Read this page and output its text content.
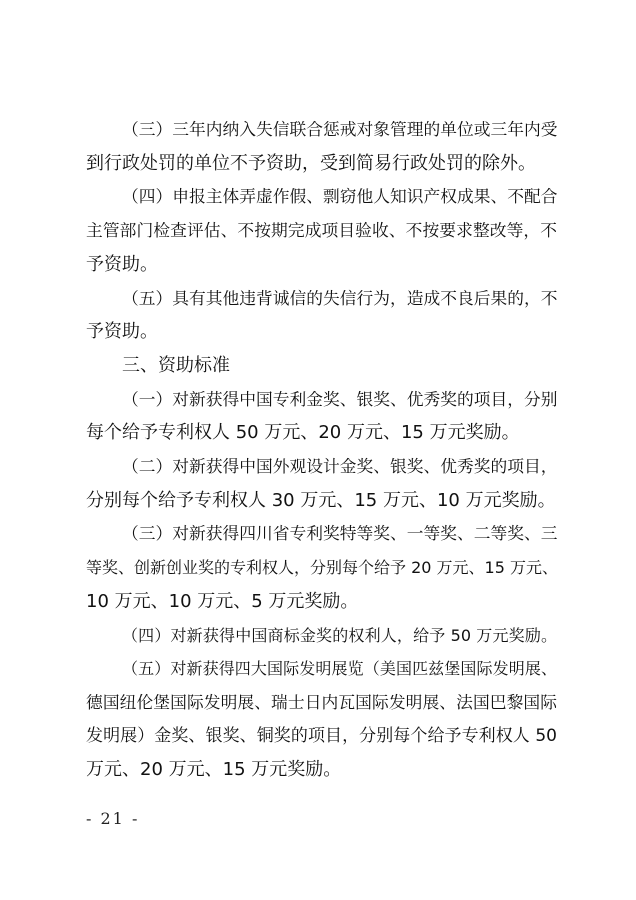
（三）三年内纳入失信联合惩戒对象管理的单位或三年内受

到行政处罚的单位不予资助，受到简易行政处罚的除外。

（四）申报主体弄虚作假、剽窃他人知识产权成果、不配合

主管部门检查评估、不按期完成项目验收、不按要求整改等，不

予资助。

（五）具有其他违背诚信的失信行为，造成不良后果的，不

予资助。

三、资助标准

（一）对新获得中国专利金奖、银奖、优秀奖的项目，分别

每个给予专利权人 50 万元、20 万元、15 万元奖励。

（二）对新获得中国外观设计金奖、银奖、优秀奖的项目，

分别每个给予专利权人 30 万元、15 万元、10 万元奖励。

（三）对新获得四川省专利奖特等奖、一等奖、二等奖、三

等奖、创新创业奖的专利权人，分别每个给予 20 万元、15 万元、

10 万元、10 万元、5 万元奖励。

（四）对新获得中国商标金奖的权利人，给予 50 万元奖励。

（五）对新获得四大国际发明展览（美国匹兹堡国际发明展、

德国纽伦堡国际发明展、瑞士日内瓦国际发明展、法国巴黎国际

发明展）金奖、银奖、铜奖的项目，分别每个给予专利权人 50

万元、20 万元、15 万元奖励。

- 21 -
